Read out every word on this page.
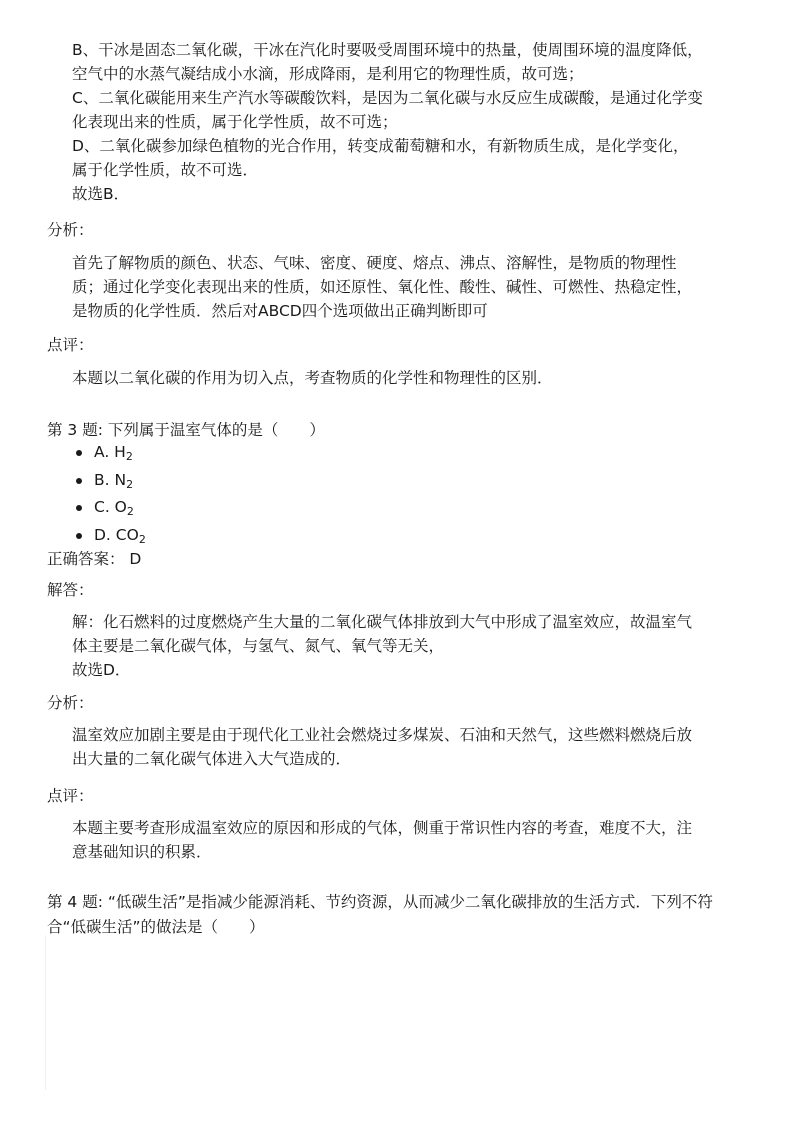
B、干冰是固态二氧化碳，干冰在汽化时要吸受周围环境中的热量，使周围环境的温度降低，
空气中的水蒸气凝结成小水滴，形成降雨，是利用它的物理性质，故可选；
C、二氧化碳能用来生产汽水等碳酸饮料，是因为二氧化碳与水反应生成碳酸，是通过化学变
化表现出来的性质，属于化学性质，故不可选；
D、二氧化碳参加绿色植物的光合作用，转变成葡萄糖和水，有新物质生成，是化学变化，
属于化学性质，故不可选．
故选B．
分析：
首先了解物质的颜色、状态、气味、密度、硬度、熔点、沸点、溶解性，是物质的物理性
质；通过化学变化表现出来的性质，如还原性、氧化性、酸性、碱性、可燃性、热稳定性，
是物质的化学性质．然后对ABCD四个选项做出正确判断即可
点评：
本题以二氧化碳的作用为切入点，考查物质的化学性和物理性的区别．
第 3 题: 下列属于温室气体的是（　　）
A. $H_2$
B. $N_2$
C. $O_2$
D. $CO_2$
正确答案： D
解答：
解：化石燃料的过度燃烧产生大量的二氧化碳气体排放到大气中形成了温室效应，故温室气
体主要是二氧化碳气体，与氢气、氮气、氧气等无关，
故选D．
分析：
温室效应加剧主要是由于现代化工业社会燃烧过多煤炭、石油和天然气，这些燃料燃烧后放
出大量的二氧化碳气体进入大气造成的．
点评：
本题主要考查形成温室效应的原因和形成的气体，侧重于常识性内容的考查，难度不大，注
意基础知识的积累．
第 4 题: “低碳生活”是指减少能源消耗、节约资源，从而减少二氧化碳排放的生活方式．下列不符
合“低碳生活”的做法是（　　）
